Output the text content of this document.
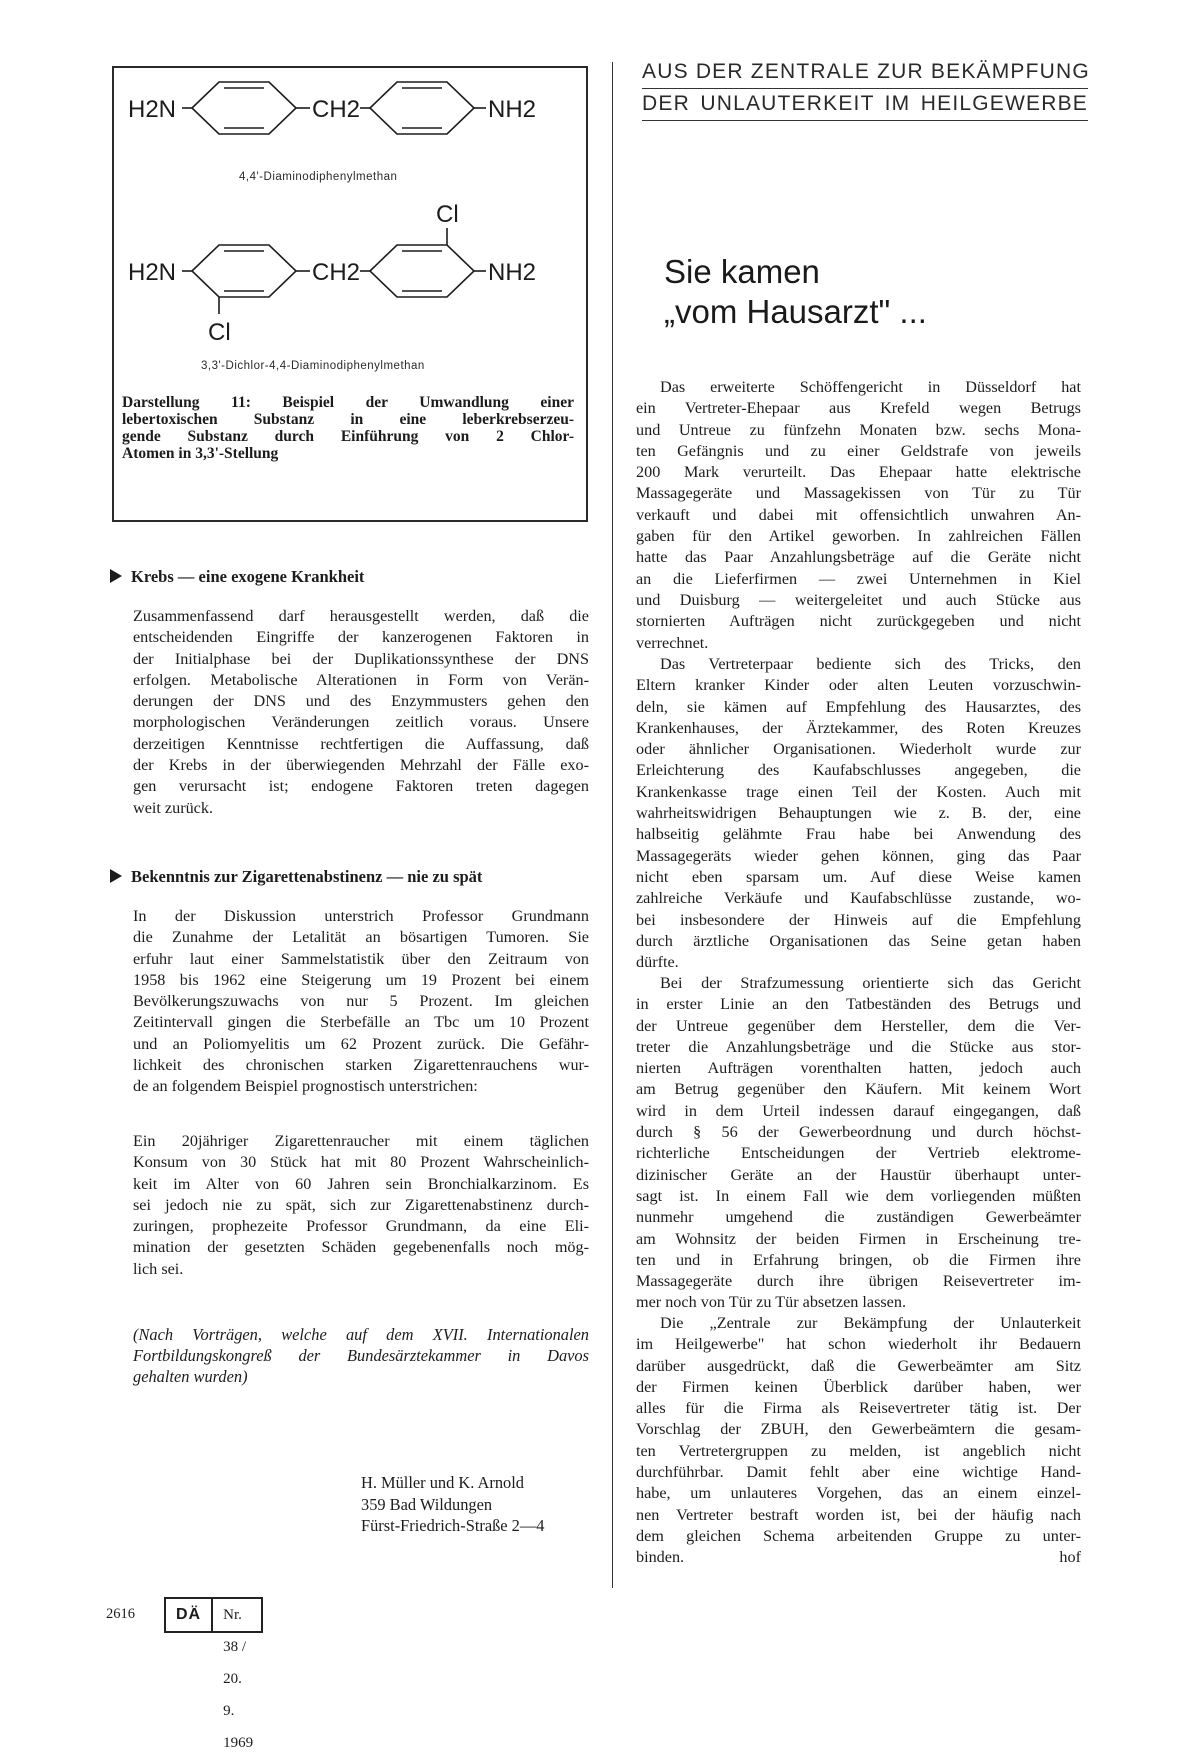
H2N	CH2	NH2
Cl
H2N	CH2	NH2
Cl
4,4'-Diaminodiphenylmethan
3,3'-Dichlor-4,4-Diaminodiphenylmethan
Darstellung 11: Beispiel der Umwandlung einer
lebertoxischen Substanz in eine leberkrebserzeu-
gende Substanz durch Einführung von 2 Chlor-
Atomen in 3,3'-Stellung
Krebs — eine exogene Krankheit
Zusammenfassend darf herausgestellt werden, daß die
entscheidenden Eingriffe der kanzerogenen Faktoren in
der Initialphase bei der Duplikationssynthese der DNS
erfolgen. Metabolische Alterationen in Form von Verän-
derungen der DNS und des Enzymmusters gehen den
morphologischen Veränderungen zeitlich voraus. Unsere
derzeitigen Kenntnisse rechtfertigen die Auffassung, daß
der Krebs in der überwiegenden Mehrzahl der Fälle exo-
gen verursacht ist; endogene Faktoren treten dagegen
weit zurück.
Bekenntnis zur Zigarettenabstinenz — nie zu spät
In der Diskussion unterstrich Professor Grundmann
die Zunahme der Letalität an bösartigen Tumoren. Sie
erfuhr laut einer Sammelstatistik über den Zeitraum von
1958 bis 1962 eine Steigerung um 19 Prozent bei einem
Bevölkerungszuwachs von nur 5 Prozent. Im gleichen
Zeitintervall gingen die Sterbefälle an Tbc um 10 Prozent
und an Poliomyelitis um 62 Prozent zurück. Die Gefähr-
lichkeit des chronischen starken Zigarettenrauchens wur-
de an folgendem Beispiel prognostisch unterstrichen:
Ein 20jähriger Zigarettenraucher mit einem täglichen
Konsum von 30 Stück hat mit 80 Prozent Wahrscheinlich-
keit im Alter von 60 Jahren sein Bronchialkarzinom. Es
sei jedoch nie zu spät, sich zur Zigarettenabstinenz durch-
zuringen, prophezeite Professor Grundmann, da eine Eli-
mination der gesetzten Schäden gegebenenfalls noch mög-
lich sei.
(Nach Vorträgen, welche auf dem XVII. Internationalen
Fortbildungskongreß der Bundesärztekammer in Davos
gehalten wurden)
H. Müller und K. Arnold
359 Bad Wildungen
Fürst-Friedrich-Straße 2—4
AUS DER ZENTRALE ZUR BEKÄMPFUNG
DER UNLAUTERKEIT IM HEILGEWERBE
Sie kamen
„vom Hausarzt" ...
Das erweiterte Schöffengericht in Düsseldorf hat
ein Vertreter-Ehepaar aus Krefeld wegen Betrugs
und Untreue zu fünfzehn Monaten bzw. sechs Mona-
ten Gefängnis und zu einer Geldstrafe von jeweils
200 Mark verurteilt. Das Ehepaar hatte elektrische
Massagegeräte und Massagekissen von Tür zu Tür
verkauft und dabei mit offensichtlich unwahren An-
gaben für den Artikel geworben. In zahlreichen Fällen
hatte das Paar Anzahlungsbeträge auf die Geräte nicht
an die Lieferfirmen — zwei Unternehmen in Kiel
und Duisburg — weitergeleitet und auch Stücke aus
stornierten Aufträgen nicht zurückgegeben und nicht
verrechnet.
Das Vertreterpaar bediente sich des Tricks, den
Eltern kranker Kinder oder alten Leuten vorzuschwin-
deln, sie kämen auf Empfehlung des Hausarztes, des
Krankenhauses, der Ärztekammer, des Roten Kreuzes
oder ähnlicher Organisationen. Wiederholt wurde zur
Erleichterung des Kaufabschlusses angegeben, die
Krankenkasse trage einen Teil der Kosten. Auch mit
wahrheitswidrigen Behauptungen wie z. B. der, eine
halbseitig gelähmte Frau habe bei Anwendung des
Massagegeräts wieder gehen können, ging das Paar
nicht eben sparsam um. Auf diese Weise kamen
zahlreiche Verkäufe und Kaufabschlüsse zustande, wo-
bei insbesondere der Hinweis auf die Empfehlung
durch ärztliche Organisationen das Seine getan haben
dürfte.
Bei der Strafzumessung orientierte sich das Gericht
in erster Linie an den Tatbeständen des Betrugs und
der Untreue gegenüber dem Hersteller, dem die Ver-
treter die Anzahlungsbeträge und die Stücke aus stor-
nierten Aufträgen vorenthalten hatten, jedoch auch
am Betrug gegenüber den Käufern. Mit keinem Wort
wird in dem Urteil indessen darauf eingegangen, daß
durch § 56 der Gewerbeordnung und durch höchst-
richterliche Entscheidungen der Vertrieb elektrome-
dizinischer Geräte an der Haustür überhaupt unter-
sagt ist. In einem Fall wie dem vorliegenden müßten
nunmehr umgehend die zuständigen Gewerbeämter
am Wohnsitz der beiden Firmen in Erscheinung tre-
ten und in Erfahrung bringen, ob die Firmen ihre
Massagegeräte durch ihre übrigen Reisevertreter im-
mer noch von Tür zu Tür absetzen lassen.
Die „Zentrale zur Bekämpfung der Unlauterkeit
im Heilgewerbe" hat schon wiederholt ihr Bedauern
darüber ausgedrückt, daß die Gewerbeämter am Sitz
der Firmen keinen Überblick darüber haben, wer
alles für die Firma als Reisevertreter tätig ist. Der
Vorschlag der ZBUH, den Gewerbeämtern die gesam-
ten Vertretergruppen zu melden, ist angeblich nicht
durchführbar. Damit fehlt aber eine wichtige Hand-
habe, um unlauteres Vorgehen, das an einem einzel-
nen Vertreter bestraft worden ist, bei der häufig nach
dem gleichen Schema arbeitenden Gruppe zu unter-
binden.	hof
2616	DÄ	Nr. 38 / 20. 9. 1969
